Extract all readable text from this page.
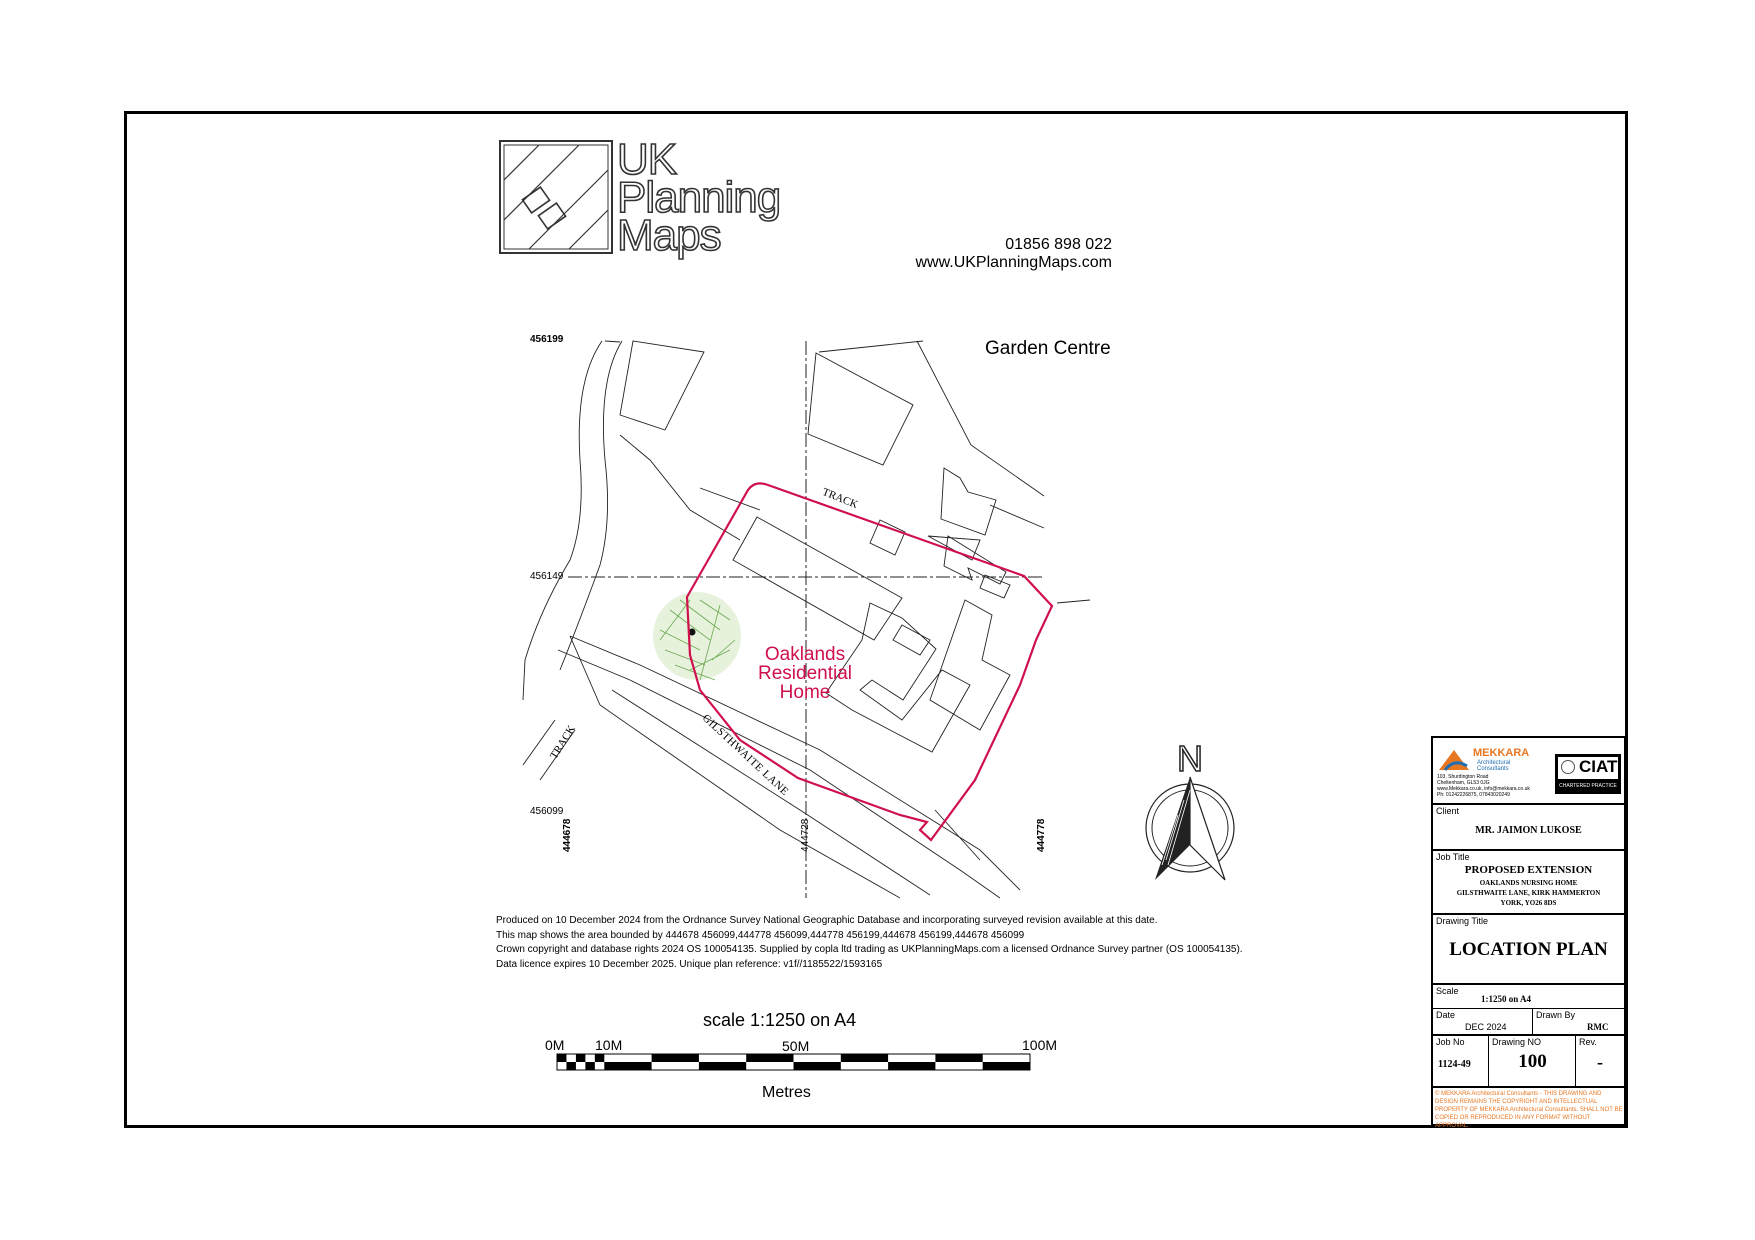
UK
Planning
Maps	01856 898 022
www.UKPlanningMaps.com
Garden Centre
TRACK
TRACK	GILSTHWAITE LANE
Oaklands
Residential
Home
456199
456149
456099
444678	444728	444778
N
Produced on 10 December 2024 from the Ordnance Survey National Geographic Database and incorporating surveyed revision available at this date.
This map shows the area bounded by 444678 456099,444778 456099,444778 456199,444678 456199,444678 456099
Crown copyright and database rights 2024 OS 100054135. Supplied by copla ltd trading as UKPlanningMaps.com a licensed Ordnance Survey partner (OS 100054135).
Data licence expires 10 December 2025. Unique plan reference: v1f//1185522/1593165
scale 1:1250 on A4
0M 10M	50M	100M
Metres
MEKKARA
Architectural Consultants
103, Shurdington Road
Cheltenham, GL53 0JG
www.Mekkara.co.uk, info@mekkara.co.uk
Ph: 01242226875, 07843020249
CIAT
CHARTERED PRACTICE
Client
MR. JAIMON LUKOSE
Job Title
PROPOSED EXTENSION
OAKLANDS NURSING HOME
GILSTHWAITE LANE, KIRK HAMMERTON
YORK, YO26 8DS
Drawing Title
LOCATION PLAN
Scale
1:1250 on A4
Date
DEC 2024
Drawn By
RMC
Job No
1124-49
Drawing NO
100
Rev.
-
© MEKKARA Architectural Consultants - THIS DRAWING AND DESIGN REMAINS THE COPYRIGHT AND INTELLECTUAL PROPERTY OF MEKKARA Architectural Consultants. SHALL NOT BE COPIED OR REPRODUCED IN ANY FORMAT WITHOUT APPROVAL.
